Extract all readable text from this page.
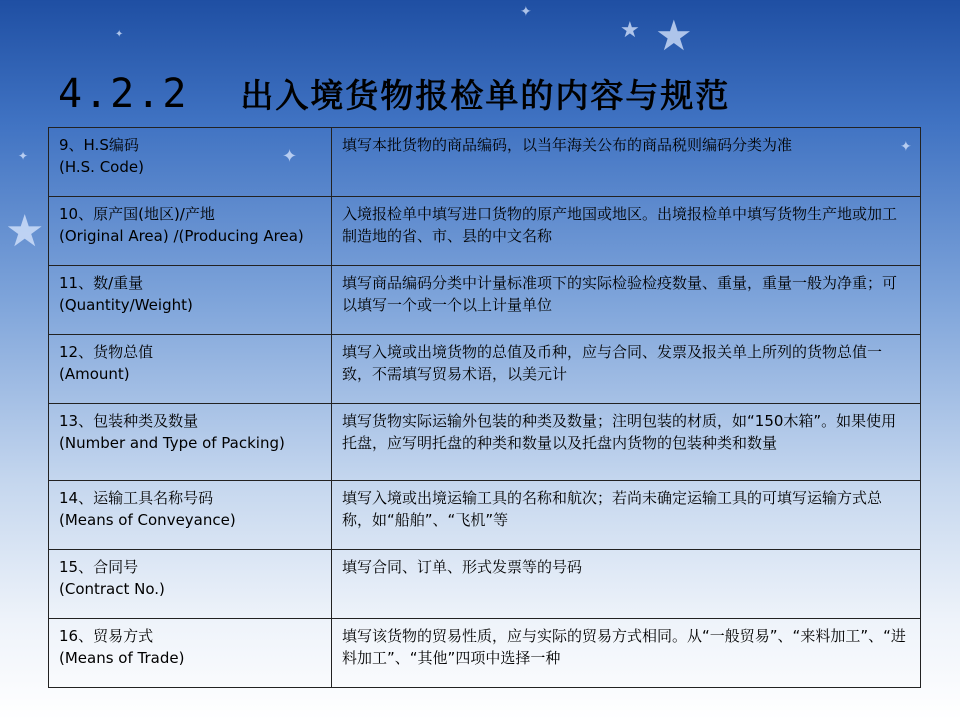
★
★
✦
★
✦
✦
✦
✦
4.2.2 出入境货物报检单的内容与规范
9、H.S编码
(H.S. Code)	填写本批货物的商品编码，以当年海关公布的商品税则编码分类为准

10、原产国(地区)/产地
(Original Area) /(Producing Area)	入境报检单中填写进口货物的原产地国或地区。出境报检单中填写货物生产地或加工制造地的省、市、县的中文名称

11、数/重量
(Quantity/Weight)	填写商品编码分类中计量标准项下的实际检验检疫数量、重量，重量一般为净重；可以填写一个或一个以上计量单位

12、货物总值
(Amount)	填写入境或出境货物的总值及币种，应与合同、发票及报关单上所列的货物总值一致，不需填写贸易术语，以美元计

13、包装种类及数量
(Number and Type of Packing)	填写货物实际运输外包装的种类及数量；注明包装的材质，如“150木箱”。如果使用托盘，应写明托盘的种类和数量以及托盘内货物的包装种类和数量

14、运输工具名称号码
(Means of Conveyance)	填写入境或出境运输工具的名称和航次；若尚未确定运输工具的可填写运输方式总称，如“船舶”、“飞机”等

15、合同号
(Contract No.)	填写合同、订单、形式发票等的号码

16、贸易方式
(Means of Trade)	填写该货物的贸易性质，应与实际的贸易方式相同。从“一般贸易”、“来料加工”、“进料加工”、“其他”四项中选择一种
